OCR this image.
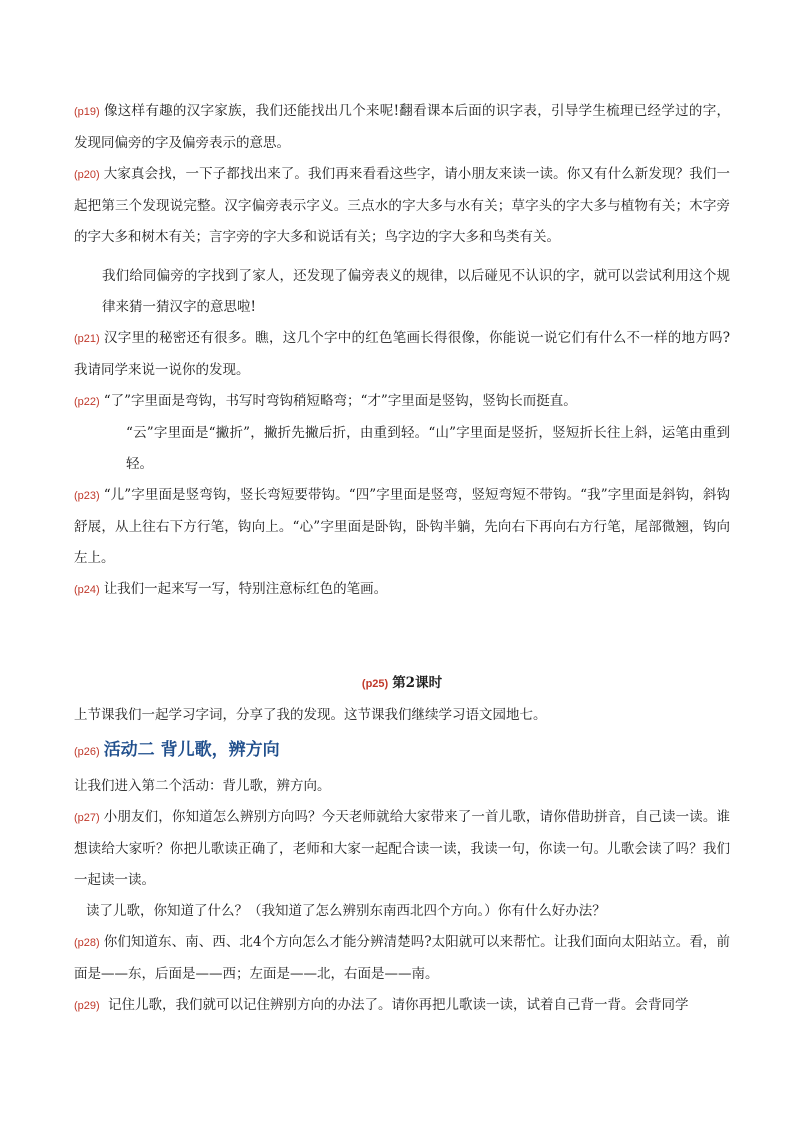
(p19) 像这样有趣的汉字家族，我们还能找出几个来呢!翻看课本后面的识字表，引导学生梳理已经学过的字，发现同偏旁的字及偏旁表示的意思。

(p20) 大家真会找，一下子都找出来了。我们再来看看这些字，请小朋友来读一读。你又有什么新发现？我们一起把第三个发现说完整。汉字偏旁表示字义。三点水的字大多与水有关；草字头的字大多与植物有关；木字旁的字大多和树木有关；言字旁的字大多和说话有关；鸟字边的字大多和鸟类有关。

我们给同偏旁的字找到了家人，还发现了偏旁表义的规律，以后碰见不认识的字，就可以尝试利用这个规律来猜一猜汉字的意思啦!

(p21) 汉字里的秘密还有很多。瞧，这几个字中的红色笔画长得很像，你能说一说它们有什么不一样的地方吗?我请同学来说一说你的发现。

(p22) “了”字里面是弯钩，书写时弯钩稍短略弯；“才”字里面是竖钩，竖钩长而挺直。

“云”字里面是“撇折”，撇折先撇后折，由重到轻。“山”字里面是竖折，竖短折长往上斜，运笔由重到轻。

(p23) “儿”字里面是竖弯钩，竖长弯短要带钩。“四”字里面是竖弯，竖短弯短不带钩。“我”字里面是斜钩，斜钩舒展，从上往右下方行笔，钩向上。“心”字里面是卧钩，卧钩半躺，先向右下再向右方行笔，尾部微翘，钩向左上。

(p24) 让我们一起来写一写，特别注意标红色的笔画。

(p25) 第2课时

上节课我们一起学习字词，分享了我的发现。这节课我们继续学习语文园地七。

(p26) 活动二 背儿歌，辨方向

让我们进入第二个活动：背儿歌，辨方向。

(p27) 小朋友们，你知道怎么辨别方向吗？今天老师就给大家带来了一首儿歌，请你借助拼音，自己读一读。谁想读给大家听？你把儿歌读正确了，老师和大家一起配合读一读，我读一句，你读一句。儿歌会读了吗？我们一起读一读。

读了儿歌，你知道了什么？（我知道了怎么辨别东南西北四个方向。）你有什么好办法？

(p28) 你们知道东、南、西、北4个方向怎么才能分辨清楚吗?太阳就可以来帮忙。让我们面向太阳站立。看，前面是——东，后面是——西；左面是——北，右面是——南。

(p29) 记住儿歌，我们就可以记住辨别方向的办法了。请你再把儿歌读一读，试着自己背一背。会背同学
